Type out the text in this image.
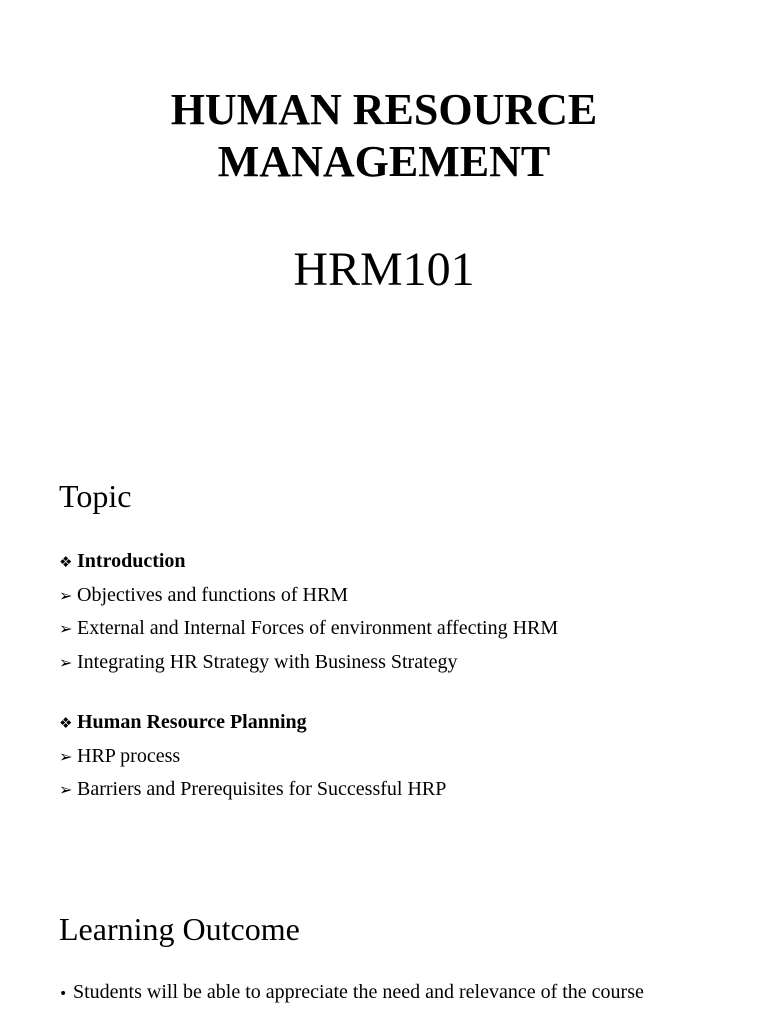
HUMAN RESOURCE
MANAGEMENT
HRM101
Topic
❖ Introduction
➢ Objectives and functions of HRM
➢ External and Internal Forces of environment affecting HRM
➢ Integrating HR Strategy with Business Strategy
❖ Human Resource Planning
➢ HRP process
➢ Barriers and Prerequisites for Successful HRP
Learning Outcome
• Students will be able to appreciate the need and relevance of the course
